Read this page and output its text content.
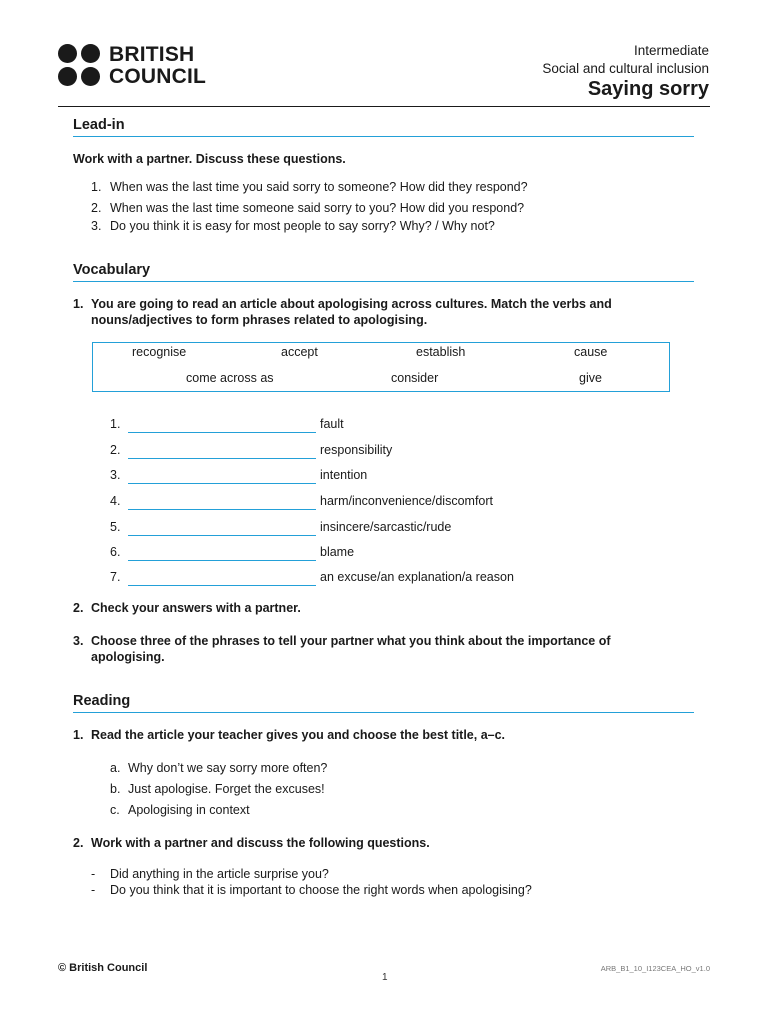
BRITISH
COUNCIL
Intermediate
Social and cultural inclusion
Saying sorry
Lead-in
Work with a partner. Discuss these questions.
1. When was the last time you said sorry to someone? How did they respond?
2. When was the last time someone said sorry to you? How did you respond?
3. Do you think it is easy for most people to say sorry? Why? / Why not?
Vocabulary
1. You are going to read an article about apologising across cultures. Match the verbs and
nouns/adjectives to form phrases related to apologising.
recognise	accept	establish	cause
come across as	consider	give
1.	fault
2.	responsibility
3.	intention
4.	harm/inconvenience/discomfort
5.	insincere/sarcastic/rude
6.	blame
7.	an excuse/an explanation/a reason
2. Check your answers with a partner.
3. Choose three of the phrases to tell your partner what you think about the importance of
apologising.
Reading
1. Read the article your teacher gives you and choose the best title, a–c.
a. Why don’t we say sorry more often?
b. Just apologise. Forget the excuses!
c. Apologising in context
2. Work with a partner and discuss the following questions.
- Did anything in the article surprise you?
- Do you think that it is important to choose the right words when apologising?
© British Council	ARB_B1_10_I123CEA_HO_v1.0
1
